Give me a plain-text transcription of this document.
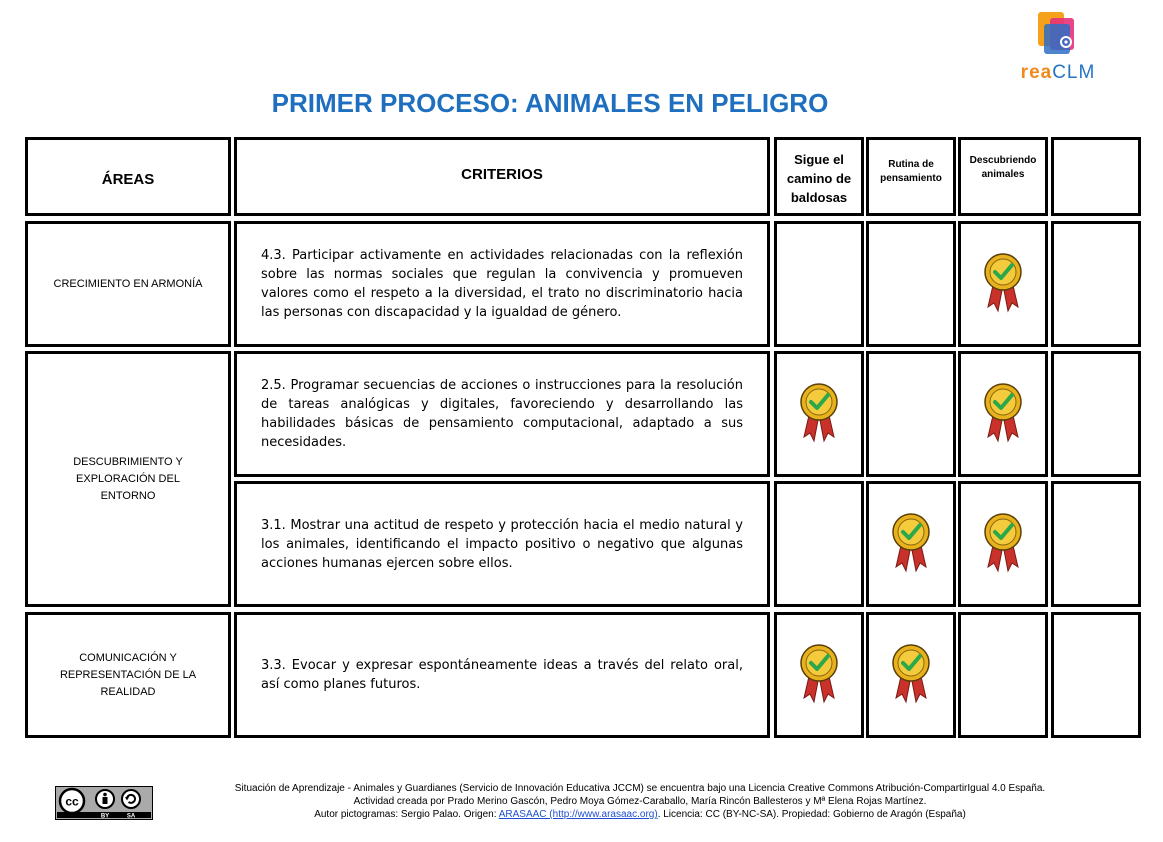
PRIMER PROCESO: ANIMALES EN PELIGRO
reaCLM
ÁREAS	CRITERIOS
Sigue el camino de baldosas
Rutina de pensamiento
Descubriendo animales
CRECIMIENTO EN ARMONÍA
DESCUBRIMIENTO Y EXPLORACIÓN DEL ENTORNO
COMUNICACIÓN Y REPRESENTACIÓN DE LA REALIDAD
4.3. Participar activamente en actividades relacionadas con la reflexión sobre las normas sociales que regulan la convivencia y promueven valores como el respeto a la diversidad, el trato no discriminatorio hacia las personas con discapacidad y la igualdad de género.
2.5. Programar secuencias de acciones o instrucciones para la resolución de tareas analógicas y digitales, favoreciendo y desarrollando las habilidades básicas de pensamiento computacional, adaptado a sus necesidades.
3.1. Mostrar una actitud de respeto y protección hacia el medio natural y los animales, identificando el impacto positivo o negativo que algunas acciones humanas ejercen sobre ellos.
3.3. Evocar y expresar espontáneamente ideas a través del relato oral, así como planes futuros.
cc
BY	SA
Situación de Aprendizaje - Animales y Guardianes (Servicio de Innovación Educativa JCCM) se encuentra bajo una Licencia Creative Commons Atribución-CompartirIgual 4.0 España.
Actividad creada por Prado Merino Gascón, Pedro Moya Gómez-Caraballo, María Rincón Ballesteros y Mª Elena Rojas Martínez.
Autor pictogramas: Sergio Palao. Origen: ARASAAC (http://www.arasaac.org). Licencia: CC (BY-NC-SA). Propiedad: Gobierno de Aragón (España)
